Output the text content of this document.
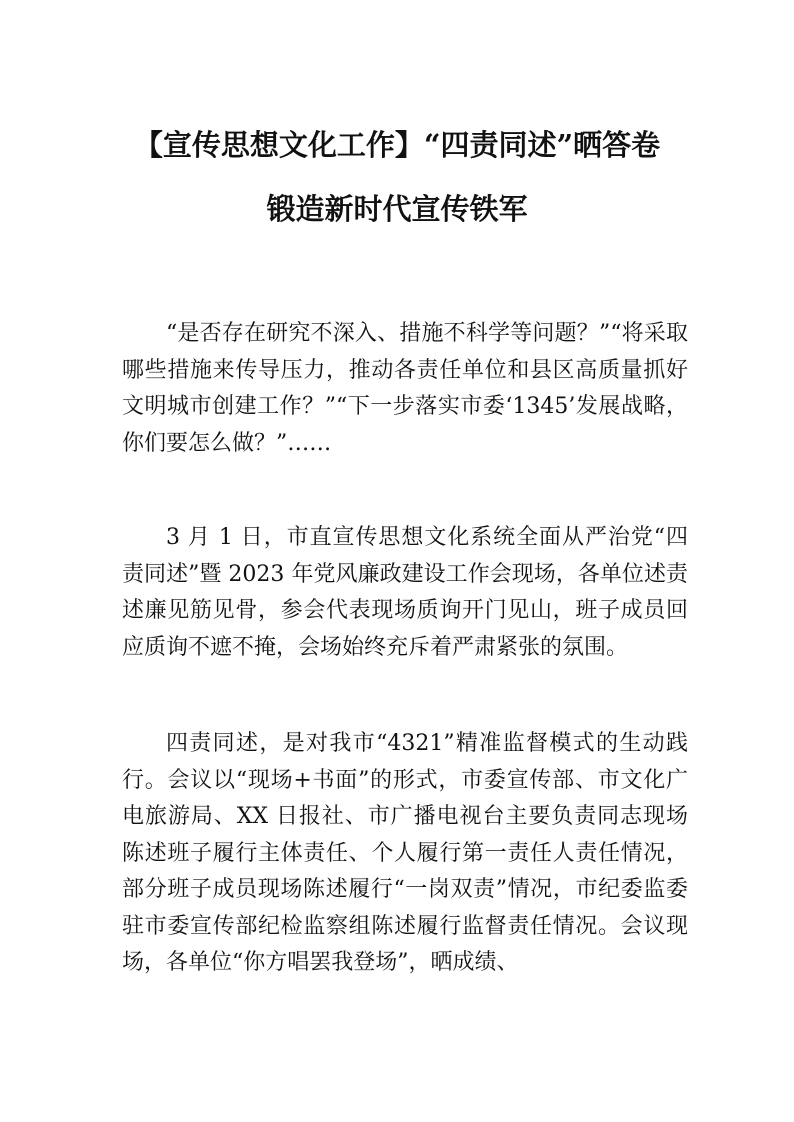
【宣传思想文化工作】“四责同述”晒答卷
锻造新时代宣传铁军

“是否存在研究不深入、措施不科学等问题？”“将采取哪些措施来传导压力，推动各责任单位和县区高质量抓好文明城市创建工作？”“下一步落实市委‘1345’发展战略，你们要怎么做？”……

3 月 1 日，市直宣传思想文化系统全面从严治党“四责同述”暨 2023 年党风廉政建设工作会现场，各单位述责述廉见筋见骨，参会代表现场质询开门见山，班子成员回应质询不遮不掩，会场始终充斥着严肃紧张的氛围。

四责同述，是对我市“4321”精准监督模式的生动践行。会议以“现场+书面”的形式，市委宣传部、市文化广电旅游局、XX 日报社、市广播电视台主要负责同志现场陈述班子履行主体责任、个人履行第一责任人责任情况，部分班子成员现场陈述履行“一岗双责”情况，市纪委监委驻市委宣传部纪检监察组陈述履行监督责任情况。会议现场，各单位“你方唱罢我登场”，晒成绩、
